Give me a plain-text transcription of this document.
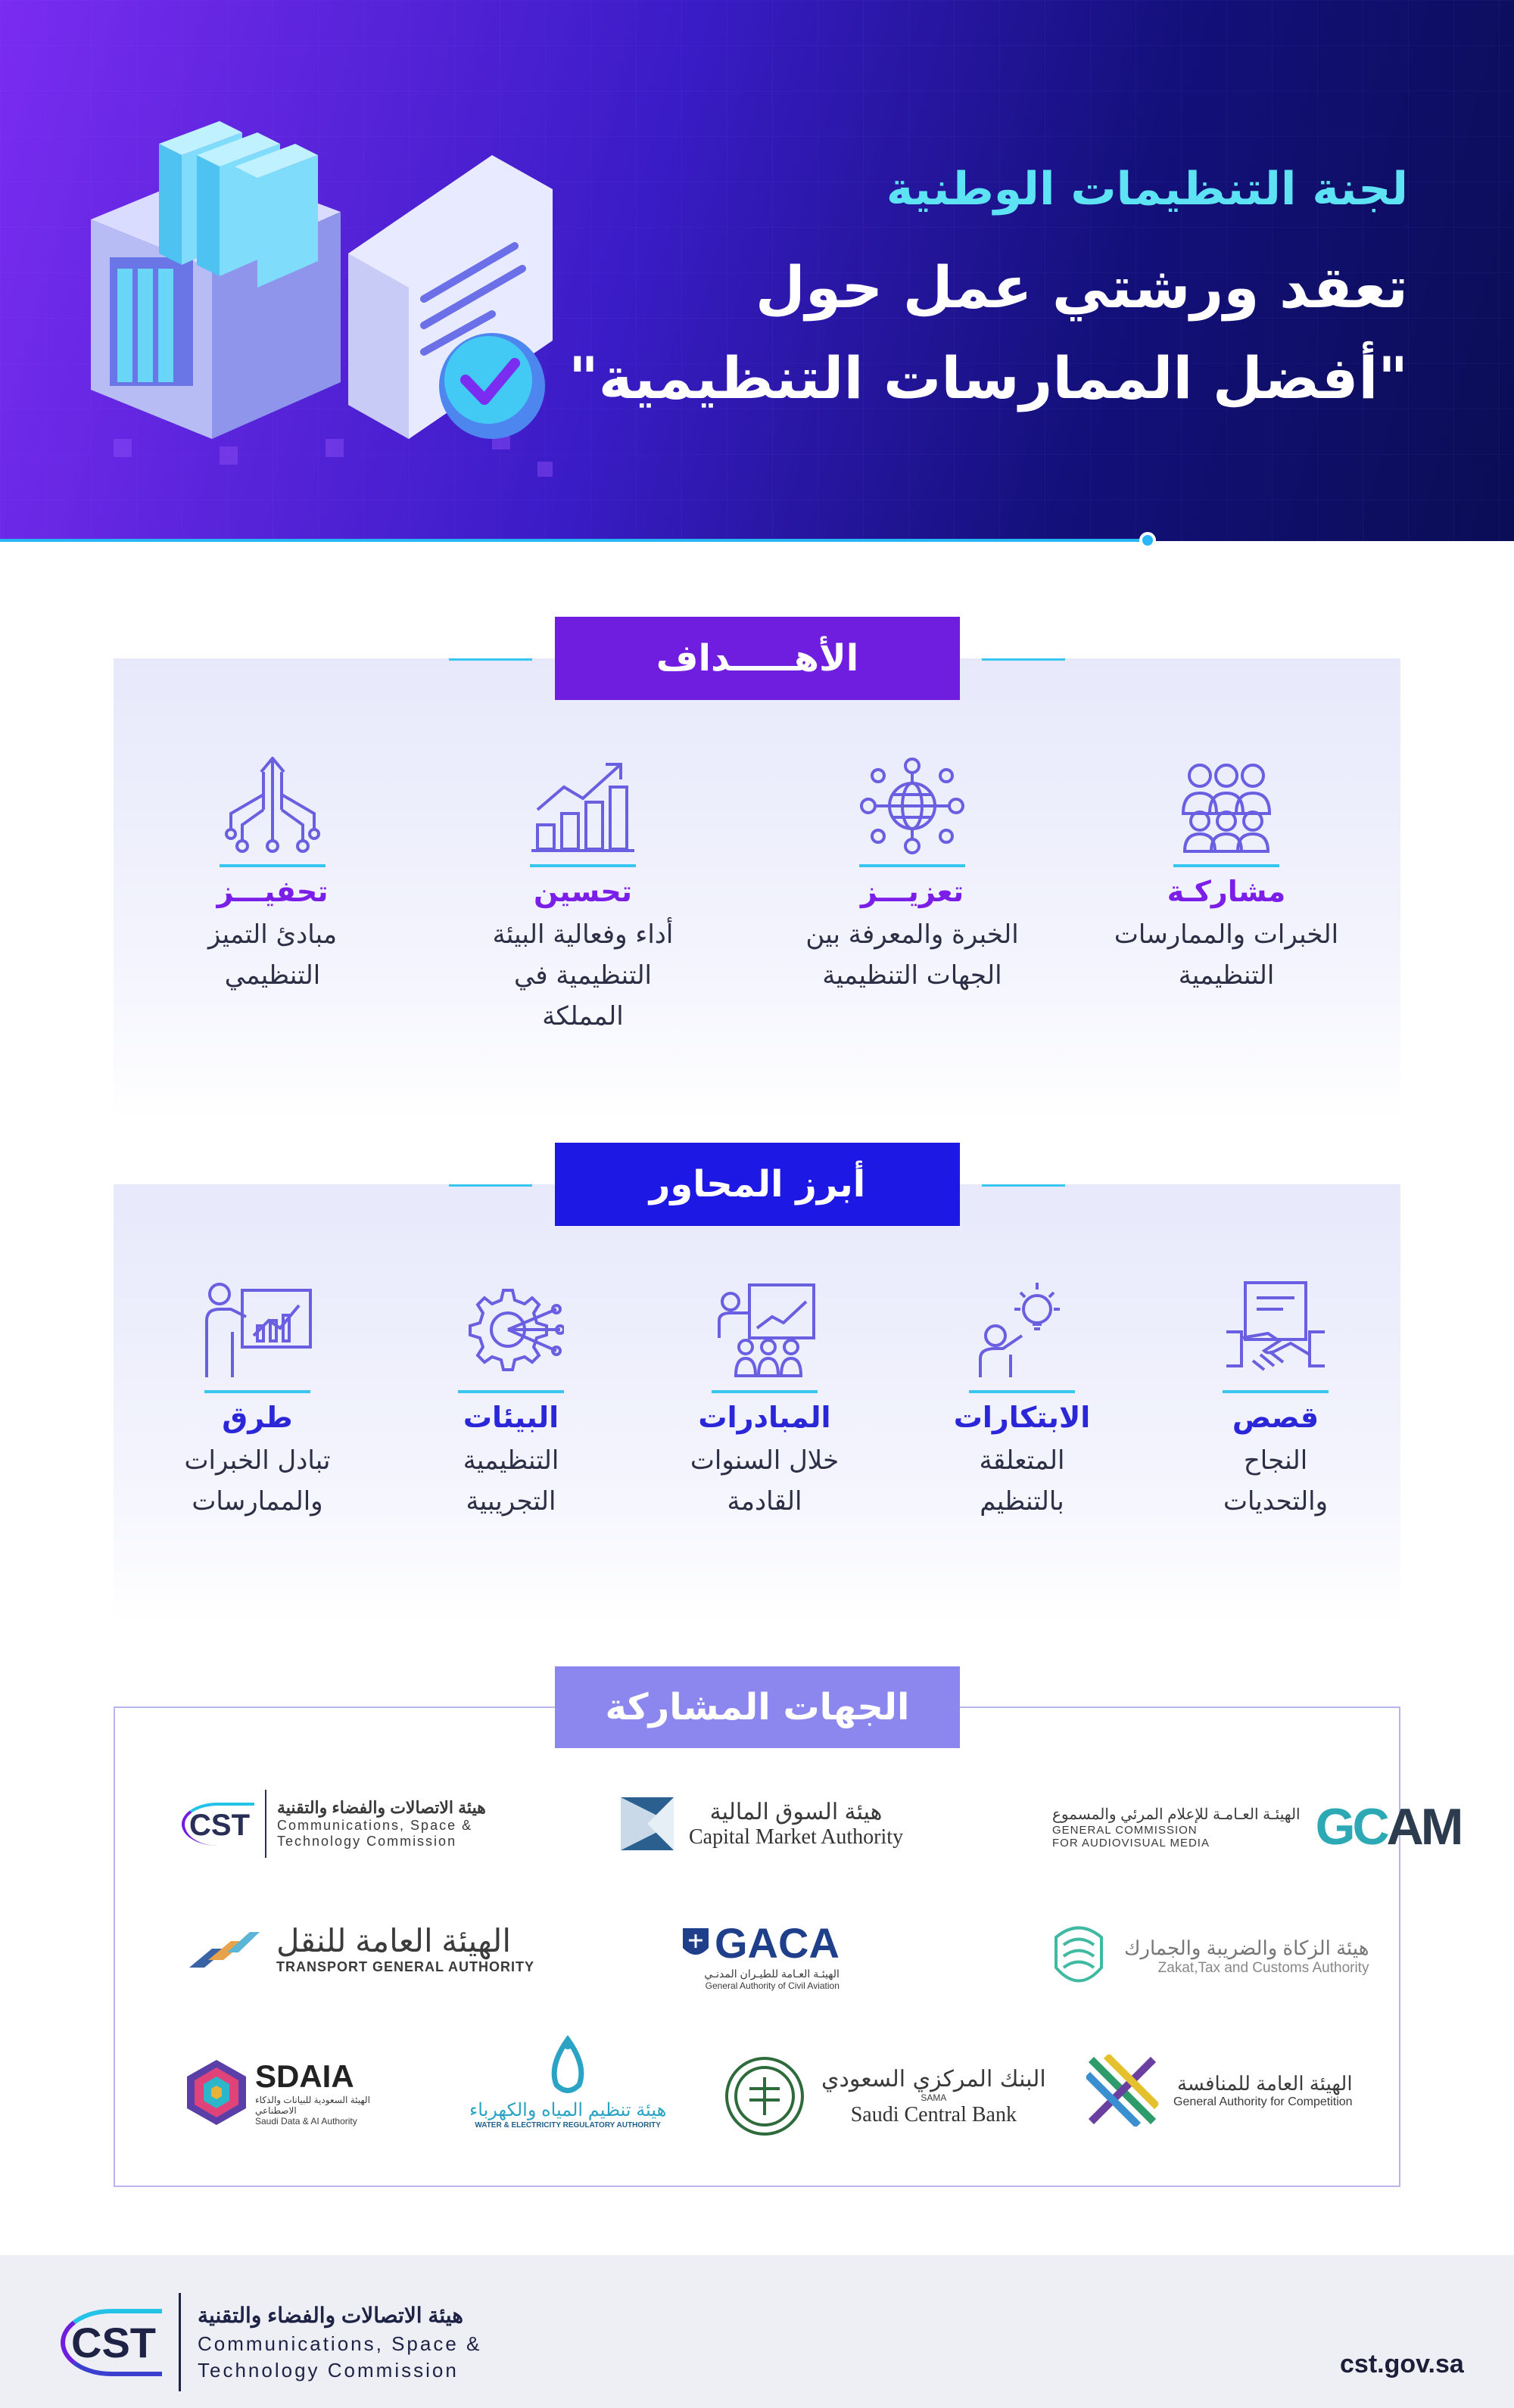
لجنة التنظيمات الوطنية
تعقد ورشتي عمل حول
"أفضل الممارسات التنظيمية"
الأهـــــداف
مشاركـة
الخبرات والممارسات
التنظيمية
تعزيـــز
الخبرة والمعرفة بين
الجهات التنظيمية
تحسين
أداء وفعالية البيئة
التنظيمية في
المملكة
تحفيـــز
مبادئ التميز
التنظيمي
أبرز المحاور
قصص
النجاح
والتحديات
الابتكارات
المتعلقة
بالتنظيم
المبادرات
خلال السنوات
القادمة
البيئات
التنظيمية
التجريبية
طرق
تبادل الخبرات
والممارسات
الجهات المشاركة
GCAM
الهيئـة العـامـة للإعلام المرئي والمسموع
GENERAL COMMISSION
FOR AUDIOVISUAL MEDIA
هيئة السوق المالية
Capital Market Authority
CST
هيئة الاتصالات والفضاء والتقنية
Communications, Space &
Technology Commission
هيئة الزكاة والضريبة والجمارك
Zakat,Tax and Customs Authority
GACA
الهيئـة العـامة للطيـران المدنـي
General Authority of Civil Aviation
الهيئة العامة للنقل
TRANSPORT GENERAL AUTHORITY
الهيئة العامة للمنافسة
General Authority for Competition
البنك المركزي السعودي
SAMA
Saudi Central Bank
هيئة تنظيم المياه والكهرباء
WATER & ELECTRICITY REGULATORY AUTHORITY
SDAIA
الهيئة السعودية للبيانات والذكاء الاصطناعي
Saudi Data & AI Authority
CST
هيئة الاتصالات والفضاء والتقنية
Communications, Space &
Technology Commission	cst.gov.sa
